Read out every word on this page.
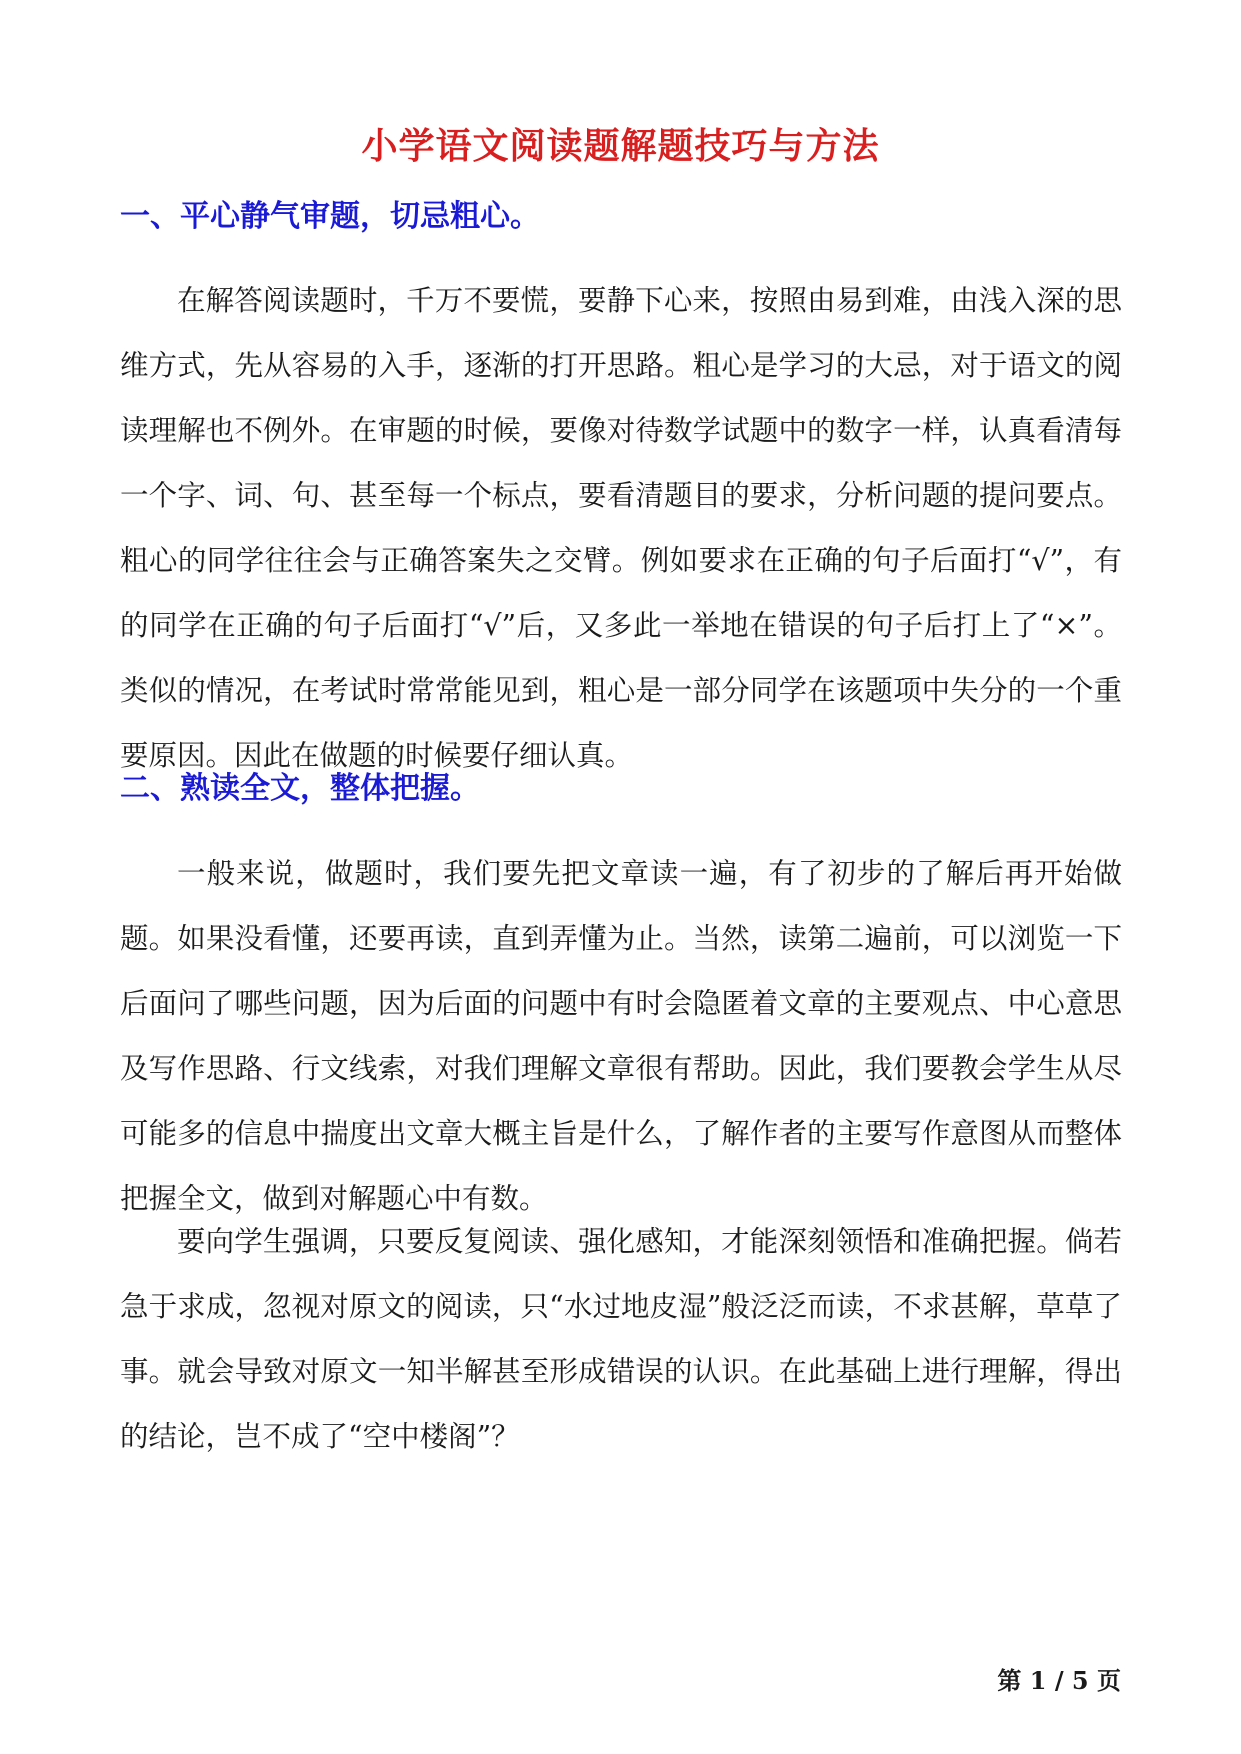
小学语文阅读题解题技巧与方法
一、平心静气审题，切忌粗心。

在解答阅读题时，千万不要慌，要静下心来，按照由易到难，由浅入深的思维方式，先从容易的入手，逐渐的打开思路。粗心是学习的大忌，对于语文的阅读理解也不例外。在审题的时候，要像对待数学试题中的数字一样，认真看清每一个字、词、句、甚至每一个标点，要看清题目的要求，分析问题的提问要点。粗心的同学往往会与正确答案失之交臂。例如要求在正确的句子后面打“√”，有的同学在正确的句子后面打“√”后，又多此一举地在错误的句子后打上了“×”。类似的情况，在考试时常常能见到，粗心是一部分同学在该题项中失分的一个重要原因。因此在做题的时候要仔细认真。

二、熟读全文，整体把握。

一般来说，做题时，我们要先把文章读一遍，有了初步的了解后再开始做题。如果没看懂，还要再读，直到弄懂为止。当然，读第二遍前，可以浏览一下后面问了哪些问题，因为后面的问题中有时会隐匿着文章的主要观点、中心意思及写作思路、行文线索，对我们理解文章很有帮助。因此，我们要教会学生从尽可能多的信息中揣度出文章大概主旨是什么，了解作者的主要写作意图从而整体把握全文，做到对解题心中有数。

要向学生强调，只要反复阅读、强化感知，才能深刻领悟和准确把握。倘若急于求成，忽视对原文的阅读，只“水过地皮湿”般泛泛而读，不求甚解，草草了事。就会导致对原文一知半解甚至形成错误的认识。在此基础上进行理解，得出的结论，岂不成了“空中楼阁”？

第 1 / 5 页
